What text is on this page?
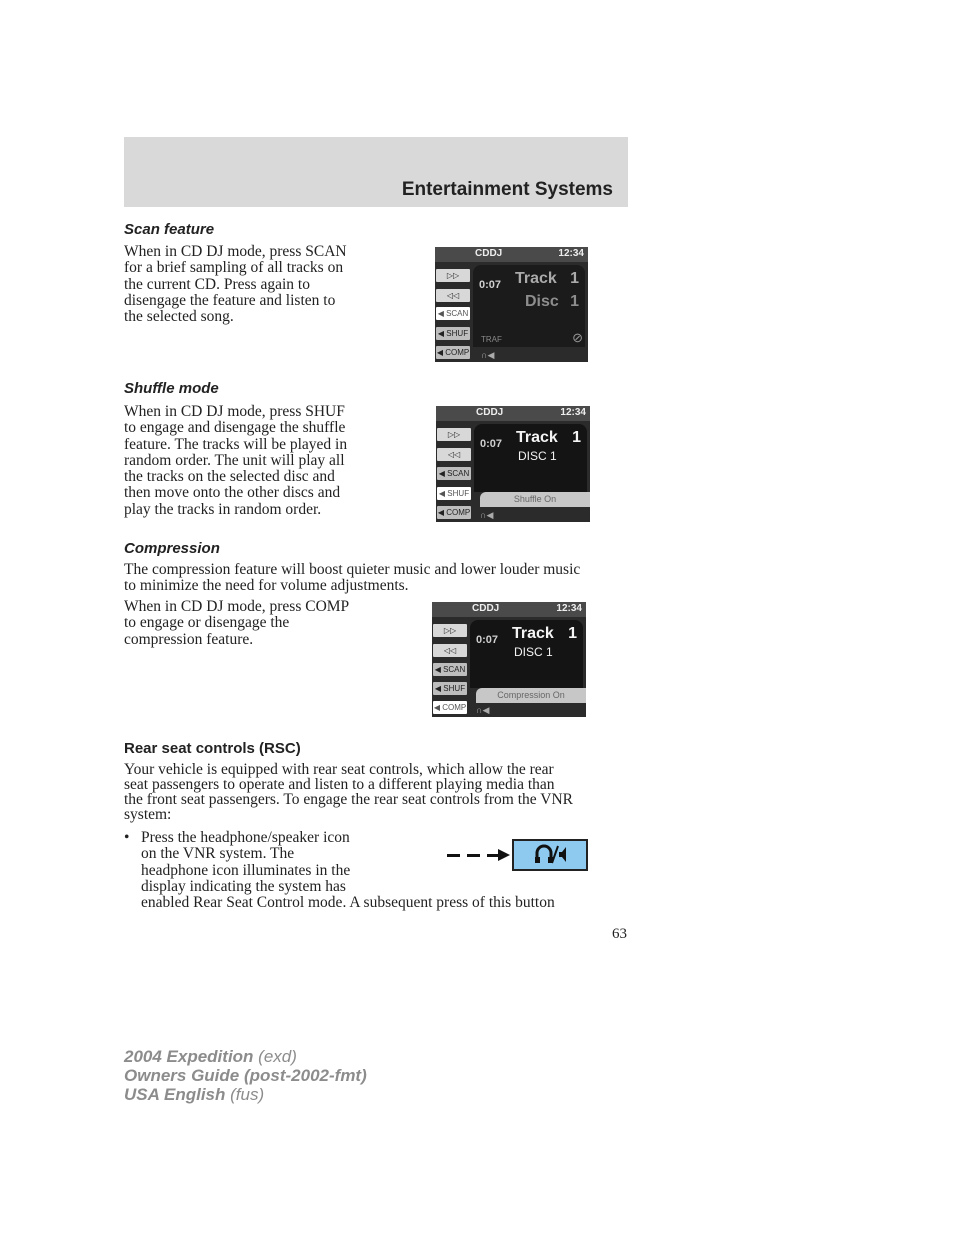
Entertainment Systems
Scan feature
When in CD DJ mode, press SCAN
for a brief sampling of all tracks on
the current CD. Press again to
disengage the feature and listen to
the selected song.
CDDJ	12:34
▷▷
◁◁
◀ SCAN
◀ SHUF
◀ COMP
0:07 Track 1
Disc 1
TRAF	⊘
∩◀
Shuffle mode
When in CD DJ mode, press SHUF
to engage and disengage the shuffle
feature. The tracks will be played in
random order. The unit will play all
the tracks on the selected disc and
then move onto the other discs and
play the tracks in random order.
CDDJ	12:34
▷▷
◁◁
◀ SCAN
◀ SHUF
◀ COMP
0:07 Track 1
DISC 1
Shuffle On
∩◀
Compression
The compression feature will boost quieter music and lower louder music
to minimize the need for volume adjustments.
When in CD DJ mode, press COMP
to engage or disengage the
compression feature.
CDDJ	12:34
▷▷
◁◁
◀ SCAN
◀ SHUF
◀ COMP
0:07 Track 1
DISC 1
Compression On
∩◀
Rear seat controls (RSC)
Your vehicle is equipped with rear seat controls, which allow the rear
seat passengers to operate and listen to a different playing media than
the front seat passengers. To engage the rear seat controls from the VNR
system:
• Press the headphone/speaker icon
on the VNR system. The
headphone icon illuminates in the
display indicating the system has
enabled Rear Seat Control mode. A subsequent press of this button
63
2004 Expedition (exd)
Owners Guide (post-2002-fmt)
USA English (fus)
